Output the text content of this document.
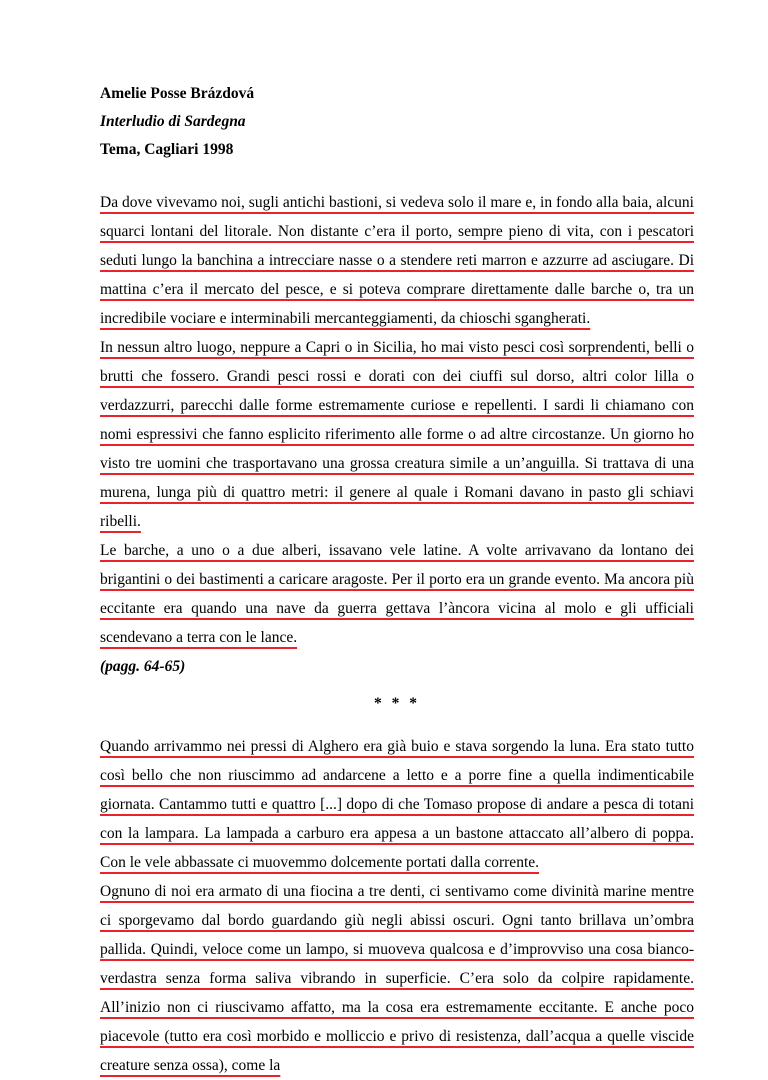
Amelie Posse Brázdová
Interludio di Sardegna
Tema, Cagliari 1998

Da dove vivevamo noi, sugli antichi bastioni, si vedeva solo il mare e, in fondo alla baia, alcuni squarci lontani del litorale. Non distante c’era il porto, sempre pieno di vita, con i pescatori seduti lungo la banchina a intrecciare nasse o a stendere reti marron e azzurre ad asciugare. Di mattina c’era il mercato del pesce, e si poteva comprare direttamente dalle barche o, tra un incredibile vociare e interminabili mercanteggiamenti, da chioschi sgangherati.

In nessun altro luogo, neppure a Capri o in Sicilia, ho mai visto pesci così sorprendenti, belli o brutti che fossero. Grandi pesci rossi e dorati con dei ciuffi sul dorso, altri color lilla o verdazzurri, parecchi dalle forme estremamente curiose e repellenti. I sardi li chiamano con nomi espressivi che fanno esplicito riferimento alle forme o ad altre circostanze. Un giorno ho visto tre uomini che trasportavano una grossa creatura simile a un’anguilla. Si trattava di una murena, lunga più di quattro metri: il genere al quale i Romani davano in pasto gli schiavi ribelli.

Le barche, a uno o a due alberi, issavano vele latine. A volte arrivavano da lontano dei brigantini o dei bastimenti a caricare aragoste. Per il porto era un grande evento. Ma ancora più eccitante era quando una nave da guerra gettava l’àncora vicina al molo e gli ufficiali scendevano a terra con le lance.

(pagg. 64-65)

* * *

Quando arrivammo nei pressi di Alghero era già buio e stava sorgendo la luna. Era stato tutto così bello che non riuscimmo ad andarcene a letto e a porre fine a quella indimenticabile giornata. Cantammo tutti e quattro [...] dopo di che Tomaso propose di andare a pesca di totani con la lampara. La lampada a carburo era appesa a un bastone attaccato all’albero di poppa. Con le vele abbassate ci muovemmo dolcemente portati dalla corrente.

Ognuno di noi era armato di una fiocina a tre denti, ci sentivamo come divinità marine mentre ci sporgevamo dal bordo guardando giù negli abissi oscuri. Ogni tanto brillava un’ombra pallida. Quindi, veloce come un lampo, si muoveva qualcosa e d’improvviso una cosa bianco-verdastra senza forma saliva vibrando in superficie. C’era solo da colpire rapidamente. All’inizio non ci riuscivamo affatto, ma la cosa era estremamente eccitante. E anche poco piacevole (tutto era così morbido e molliccio e privo di resistenza, dall’acqua a quelle viscide creature senza ossa), come la
